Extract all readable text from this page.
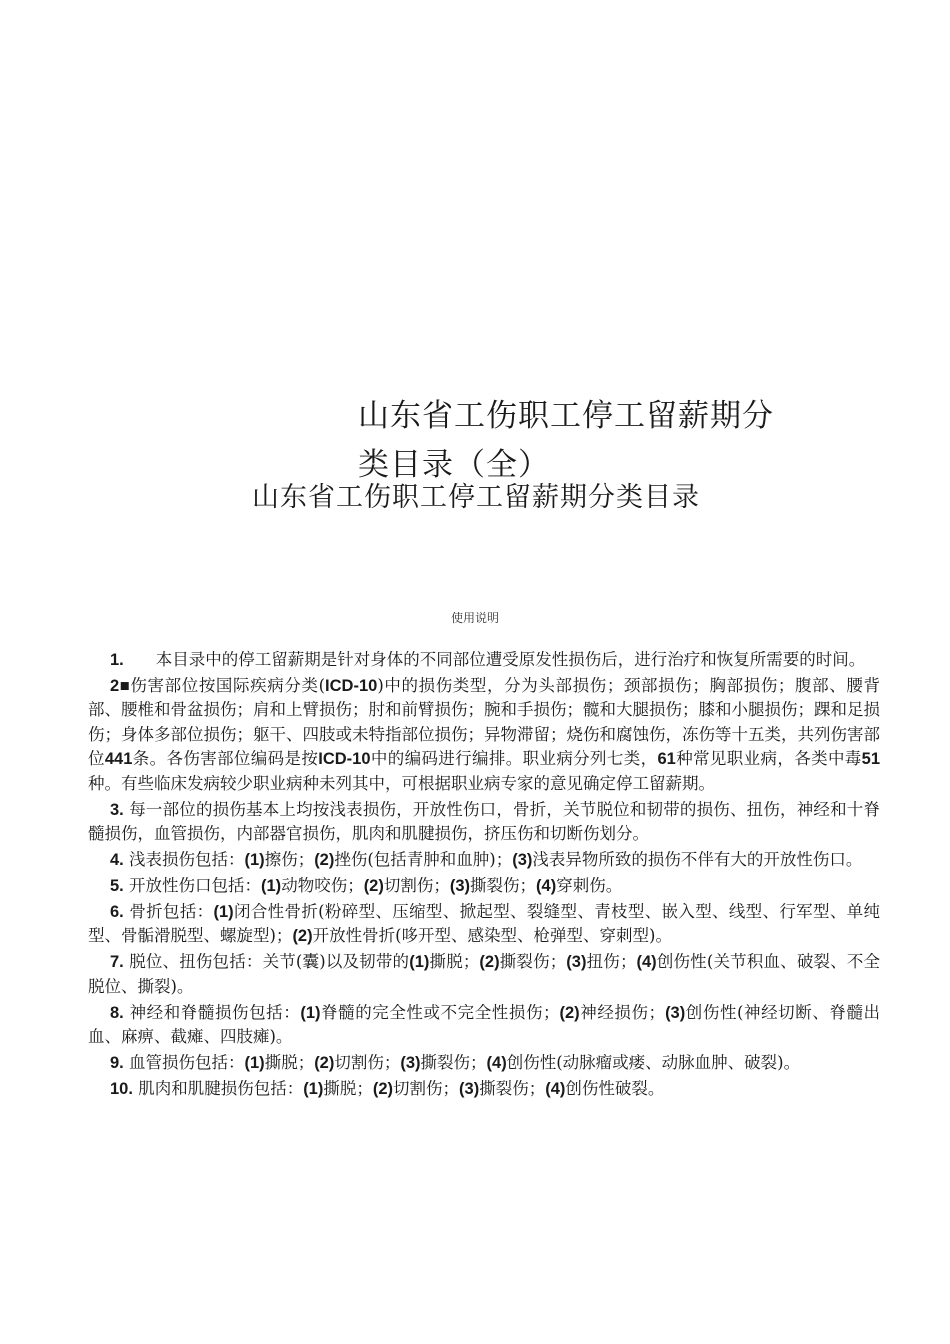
山东省工伤职工停工留薪期分
类目录（全）
山东省工伤职工停工留薪期分类目录
使用说明

1. 本目录中的停工留薪期是针对身体的不同部位遭受原发性损伤后，进行治疗和恢复所需要的时间。

2■伤害部位按国际疾病分类(ICD-10)中的损伤类型，分为头部损伤；颈部损伤；胸部损伤；腹部、腰背部、腰椎和骨盆损伤；肩和上臂损伤；肘和前臂损伤；腕和手损伤；髋和大腿损伤；膝和小腿损伤；踝和足损伤；身体多部位损伤；躯干、四肢或未特指部位损伤；异物滞留；烧伤和腐蚀伤，冻伤等十五类，共列伤害部位441条。各伤害部位编码是按ICD-10中的编码进行编排。职业病分列七类，61种常见职业病，各类中毒51种。有些临床发病较少职业病种未列其中，可根据职业病专家的意见确定停工留薪期。

3. 每一部位的损伤基本上均按浅表损伤，开放性伤口，骨折，关节脱位和韧带的损伤、扭伤，神经和十脊髓损伤，血管损伤，内部器官损伤，肌肉和肌腱损伤，挤压伤和切断伤划分。

4. 浅表损伤包括：(1)擦伤；(2)挫伤(包括青肿和血肿)；(3)浅表异物所致的损伤不伴有大的开放性伤口。

5. 开放性伤口包括：(1)动物咬伤；(2)切割伤；(3)撕裂伤；(4)穿刺伤。

6. 骨折包括：(1)闭合性骨折(粉碎型、压缩型、掀起型、裂缝型、青枝型、嵌入型、线型、行军型、单纯型、骨骺滑脱型、螺旋型)；(2)开放性骨折(哆开型、感染型、枪弹型、穿刺型)。

7. 脱位、扭伤包括：关节(囊)以及韧带的(1)撕脱；(2)撕裂伤；(3)扭伤；(4)创伤性(关节积血、破裂、不全脱位、撕裂)。

8. 神经和脊髓损伤包括：(1)脊髓的完全性或不完全性损伤；(2)神经损伤；(3)创伤性(神经切断、脊髓出血、麻痹、截瘫、四肢瘫)。

9. 血管损伤包括：(1)撕脱；(2)切割伤；(3)撕裂伤；(4)创伤性(动脉瘤或瘘、动脉血肿、破裂)。

10. 肌肉和肌腱损伤包括：(1)撕脱；(2)切割伤；(3)撕裂伤；(4)创伤性破裂。
